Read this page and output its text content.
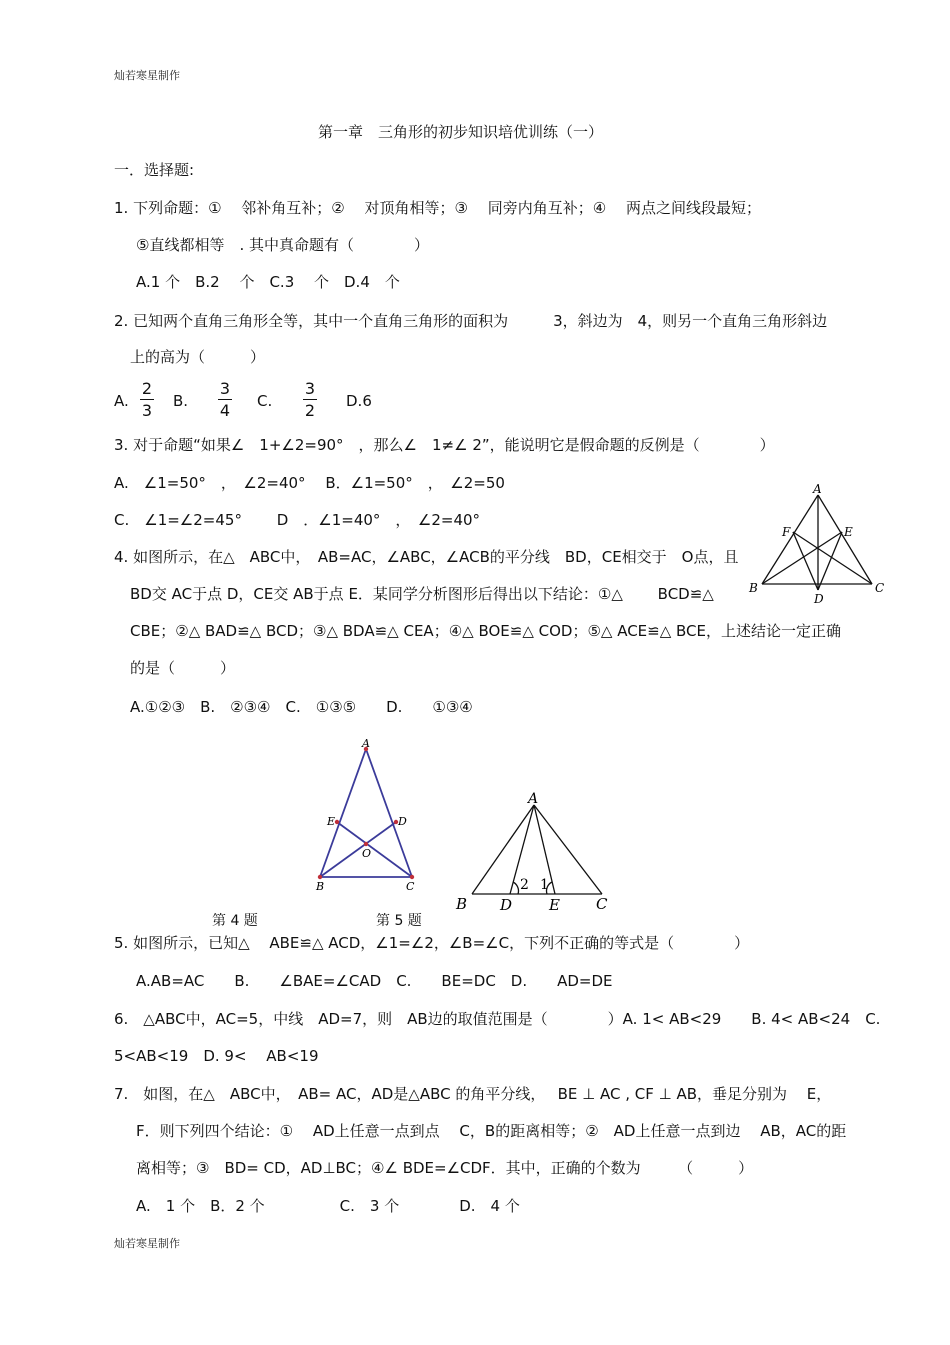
灿若寒星制作
第一章　三角形的初步知识培优训练（一）
一．选择题:
1. 下列命题：①　 邻补角互补；②　 对顶角相等；③　 同旁内角互补；④　 两点之间线段最短；
⑤直线都相等　. 其中真命题有（　　　　）
A.1 个　B.2　 个　C.3　 个　D.4　个
2. 已知两个直角三角形全等，其中一个直角三角形的面积为　　　3，斜边为　4，则另一个直角三角形斜边
上的高为（　　　）
A.
2
3 B.
3
4 C.
3
2 D.6
3. 对于命题“如果∠　1+∠2=90°　，那么∠　1≠∠ 2”，能说明它是假命题的反例是（　　　　）
A.　∠1=50°　，　∠2=40°　 B．∠1=50°　，　∠2=50
C.　∠1=∠2=45°　　 D　．∠1=40°　，　∠2=40°
A
B	C
D
E
F
4. 如图所示，在△　ABC中，　AB=AC，∠ABC，∠ACB的平分线　BD，CE相交于　O点，且
BD交 AC于点 D，CE交 AB于点 E．某同学分析图形后得出以下结论：①△　　 BCD≌△
CBE；②△ BAD≌△ BCD；③△ BDA≌△ CEA；④△ BOE≌△ COD；⑤△ ACE≌△ BCE，上述结论一定正确
的是（　　　）
A.①②③　B.　②③④　C.　①③⑤　　D.　　①③④
A
B	C
D
E
O
A
B	C
D E
2 1
第 4 题	第 5 题
5. 如图所示，已知△　 ABE≌△ ACD，∠1=∠2，∠B=∠C，下列不正确的等式是（　　　　）
A.AB=AC　　B.　　∠BAE=∠CAD　C.　　BE=DC　D.　　AD=DE
6.　△ABC中，AC=5，中线　AD=7，则　AB边的取值范围是（　　　　）A. 1< AB<29　　B. 4< AB<24　C.
5<AB<19　D. 9<　 AB<19
7.　如图，在△　ABC中，　AB= AC，AD是△ABC 的角平分线，　 BE ⊥ AC , CF ⊥ AB，垂足分别为　 E，
F．则下列四个结论：①　 AD上任意一点到点　 C，B的距离相等；②　AD上任意一点到边　 AB，AC的距
离相等；③　BD= CD，AD⊥BC；④∠ BDE=∠CDF．其中，正确的个数为　　　（　　　）
A.　1 个　B．2 个　　　　　C.　3 个　　　　D.　4 个
灿若寒星制作
